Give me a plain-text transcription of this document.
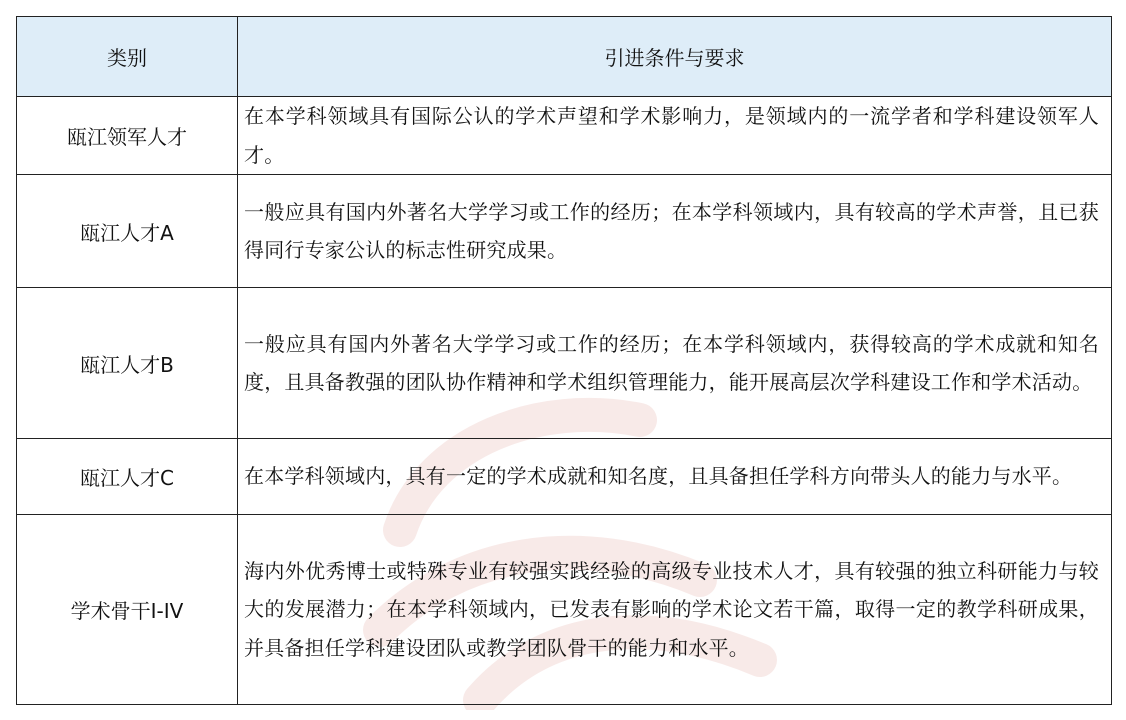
类别	引进条件与要求
瓯江领军人才	在本学科领域具有国际公认的学术声望和学术影响力，是领域内的一流学者和学科建设领军人才。
瓯江人才A	一般应具有国内外著名大学学习或工作的经历；在本学科领域内，具有较高的学术声誉，且已获得同行专家公认的标志性研究成果。
瓯江人才B	一般应具有国内外著名大学学习或工作的经历；在本学科领域内，获得较高的学术成就和知名度，且具备教强的团队协作精神和学术组织管理能力，能开展高层次学科建设工作和学术活动。
瓯江人才C	在本学科领域内，具有一定的学术成就和知名度，且具备担任学科方向带头人的能力与水平。
学术骨干I-IV	海内外优秀博士或特殊专业有较强实践经验的高级专业技术人才，具有较强的独立科研能力与较大的发展潜力；在本学科领域内，已发表有影响的学术论文若干篇，取得一定的教学科研成果，并具备担任学科建设团队或教学团队骨干的能力和水平。
